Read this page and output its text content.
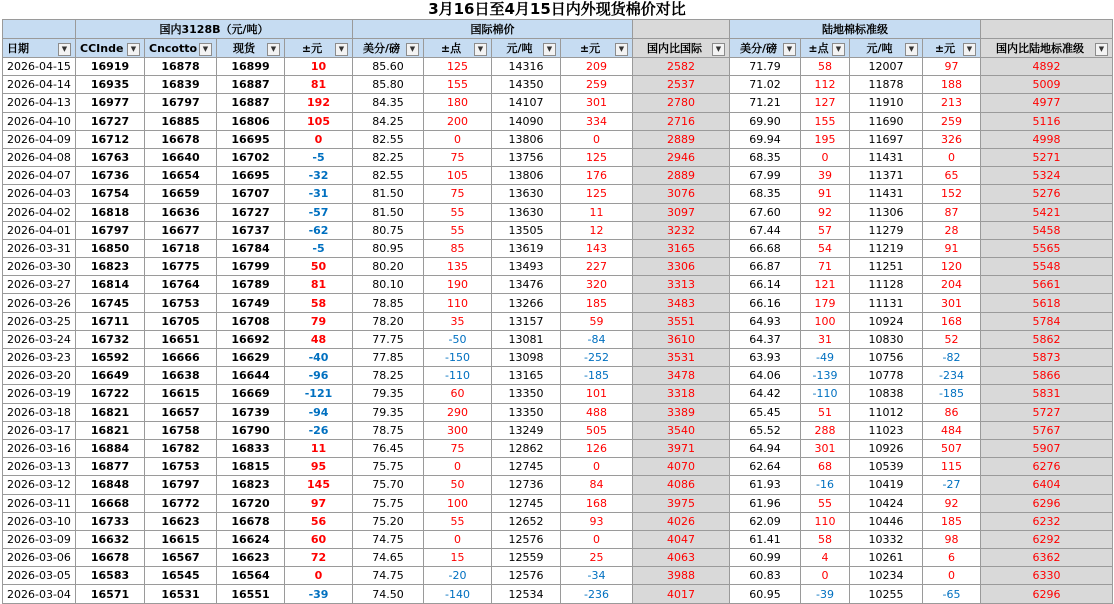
3月16日至4月15日内外现货棉价对比
	国内3128B（元/吨）				国际棉价					陆地棉标准级				
日期 ▼	CCInde ▼	Cncotto ▼	现货 ▼	±元 ▼	美分/磅 ▼	±点 ▼	元/吨 ▼	±元 ▼	国内比国际 ▼	美分/磅 ▼	±点 ▼	元/吨 ▼	±元 ▼	国内比陆地标准级 ▼

2026-04-15	16919	16878	16899	10	85.60	125	14316	209	2582	71.79	58	12007	97	4892
2026-04-14	16935	16839	16887	81	85.80	155	14350	259	2537	71.02	112	11878	188	5009
2026-04-13	16977	16797	16887	192	84.35	180	14107	301	2780	71.21	127	11910	213	4977
2026-04-10	16727	16885	16806	105	84.25	200	14090	334	2716	69.90	155	11690	259	5116
2026-04-09	16712	16678	16695	0	82.55	0	13806	0	2889	69.94	195	11697	326	4998
2026-04-08	16763	16640	16702	-5	82.25	75	13756	125	2946	68.35	0	11431	0	5271
2026-04-07	16736	16654	16695	-32	82.55	105	13806	176	2889	67.99	39	11371	65	5324
2026-04-03	16754	16659	16707	-31	81.50	75	13630	125	3076	68.35	91	11431	152	5276
2026-04-02	16818	16636	16727	-57	81.50	55	13630	11	3097	67.60	92	11306	87	5421
2026-04-01	16797	16677	16737	-62	80.75	55	13505	12	3232	67.44	57	11279	28	5458
2026-03-31	16850	16718	16784	-5	80.95	85	13619	143	3165	66.68	54	11219	91	5565
2026-03-30	16823	16775	16799	50	80.20	135	13493	227	3306	66.87	71	11251	120	5548
2026-03-27	16814	16764	16789	81	80.10	190	13476	320	3313	66.14	121	11128	204	5661
2026-03-26	16745	16753	16749	58	78.85	110	13266	185	3483	66.16	179	11131	301	5618
2026-03-25	16711	16705	16708	79	78.20	35	13157	59	3551	64.93	100	10924	168	5784
2026-03-24	16732	16651	16692	48	77.75	-50	13081	-84	3610	64.37	31	10830	52	5862
2026-03-23	16592	16666	16629	-40	77.85	-150	13098	-252	3531	63.93	-49	10756	-82	5873
2026-03-20	16649	16638	16644	-96	78.25	-110	13165	-185	3478	64.06	-139	10778	-234	5866
2026-03-19	16722	16615	16669	-121	79.35	60	13350	101	3318	64.42	-110	10838	-185	5831
2026-03-18	16821	16657	16739	-94	79.35	290	13350	488	3389	65.45	51	11012	86	5727
2026-03-17	16821	16758	16790	-26	78.75	300	13249	505	3540	65.52	288	11023	484	5767
2026-03-16	16884	16782	16833	11	76.45	75	12862	126	3971	64.94	301	10926	507	5907
2026-03-13	16877	16753	16815	95	75.75	0	12745	0	4070	62.64	68	10539	115	6276
2026-03-12	16848	16797	16823	145	75.70	50	12736	84	4086	61.93	-16	10419	-27	6404
2026-03-11	16668	16772	16720	97	75.75	100	12745	168	3975	61.96	55	10424	92	6296
2026-03-10	16733	16623	16678	56	75.20	55	12652	93	4026	62.09	110	10446	185	6232
2026-03-09	16632	16615	16624	60	74.75	0	12576	0	4047	61.41	58	10332	98	6292
2026-03-06	16678	16567	16623	72	74.65	15	12559	25	4063	60.99	4	10261	6	6362
2026-03-05	16583	16545	16564	0	74.75	-20	12576	-34	3988	60.83	0	10234	0	6330
2026-03-04	16571	16531	16551	-39	74.50	-140	12534	-236	4017	60.95	-39	10255	-65	6296
